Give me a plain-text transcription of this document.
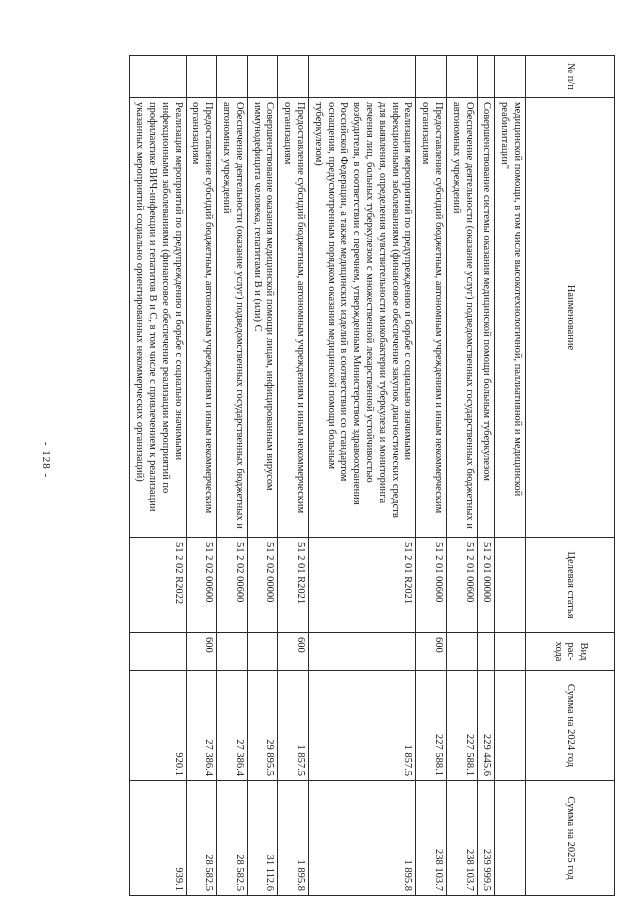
- 128 -
№ п/п	Наименование	Целевая статья	Вид рас- хода	Сумма на 2024 год	Сумма на 2025 год
	медицинской помощи, в том числе высокотехнологичной, паллиативной и медицинской реабилитации"				
	Совершенствование системы оказания медицинской помощи больным туберкулезом	51 2 01 00000		229 445.6	239 999.5
	Обеспечение деятельности (оказание услуг) подведомственных государственных бюджетных и автономных учреждений	51 2 01 00600		227 588.1	238 103.7
	Предоставление субсидий бюджетным, автономным учреждениям и иным некоммерческим организациям	51 2 01 00600	600	227 588.1	238 103.7
	Реализация мероприятий по предупреждению и борьбе с социально значимыми инфекционными заболеваниями (финансовое обеспечение закупок диагностических средств для выявления, определения чувствительности микобактерии туберкулеза и мониторинга лечения лиц, больных туберкулезом с множественной лекарственной устойчивостью возбудителя, в соответствии с перечнем, утвержденным Министерством здравоохранения Российской Федерации, а также медицинских изделий в соответствии со стандартом оснащения, предусмотренным порядком оказания медицинской помощи больным туберкулезом)	51 2 01 R2021		1 857.5	1 895.8
	Предоставление субсидий бюджетным, автономным учреждениям и иным некоммерческим организациям	51 2 01 R2021	600	1 857.5	1 895.8
	Совершенствование оказания медицинской помощи лицам, инфицированным вирусом иммунодефицита человека, гепатитами В и (или) С	51 2 02 00000		29 895.5	31 112.6
	Обеспечение деятельности (оказание услуг) подведомственных государственных бюджетных и автономных учреждений	51 2 02 00600		27 386.4	28 582.5
	Предоставление субсидий бюджетным, автономным учреждениям и иным некоммерческим организациям	51 2 02 00600	600	27 386.4	28 582.5
	Реализация мероприятий по предупреждению и борьбе с социально значимыми инфекционными заболеваниями (финансовое обеспечение реализации мероприятий по профилактике ВИЧ-инфекции и гепатитов В и С, в том числе с привлечением к реализации указанных мероприятий социально ориентированных некоммерческих организаций)	51 2 02 R2022		920.1	939.1
